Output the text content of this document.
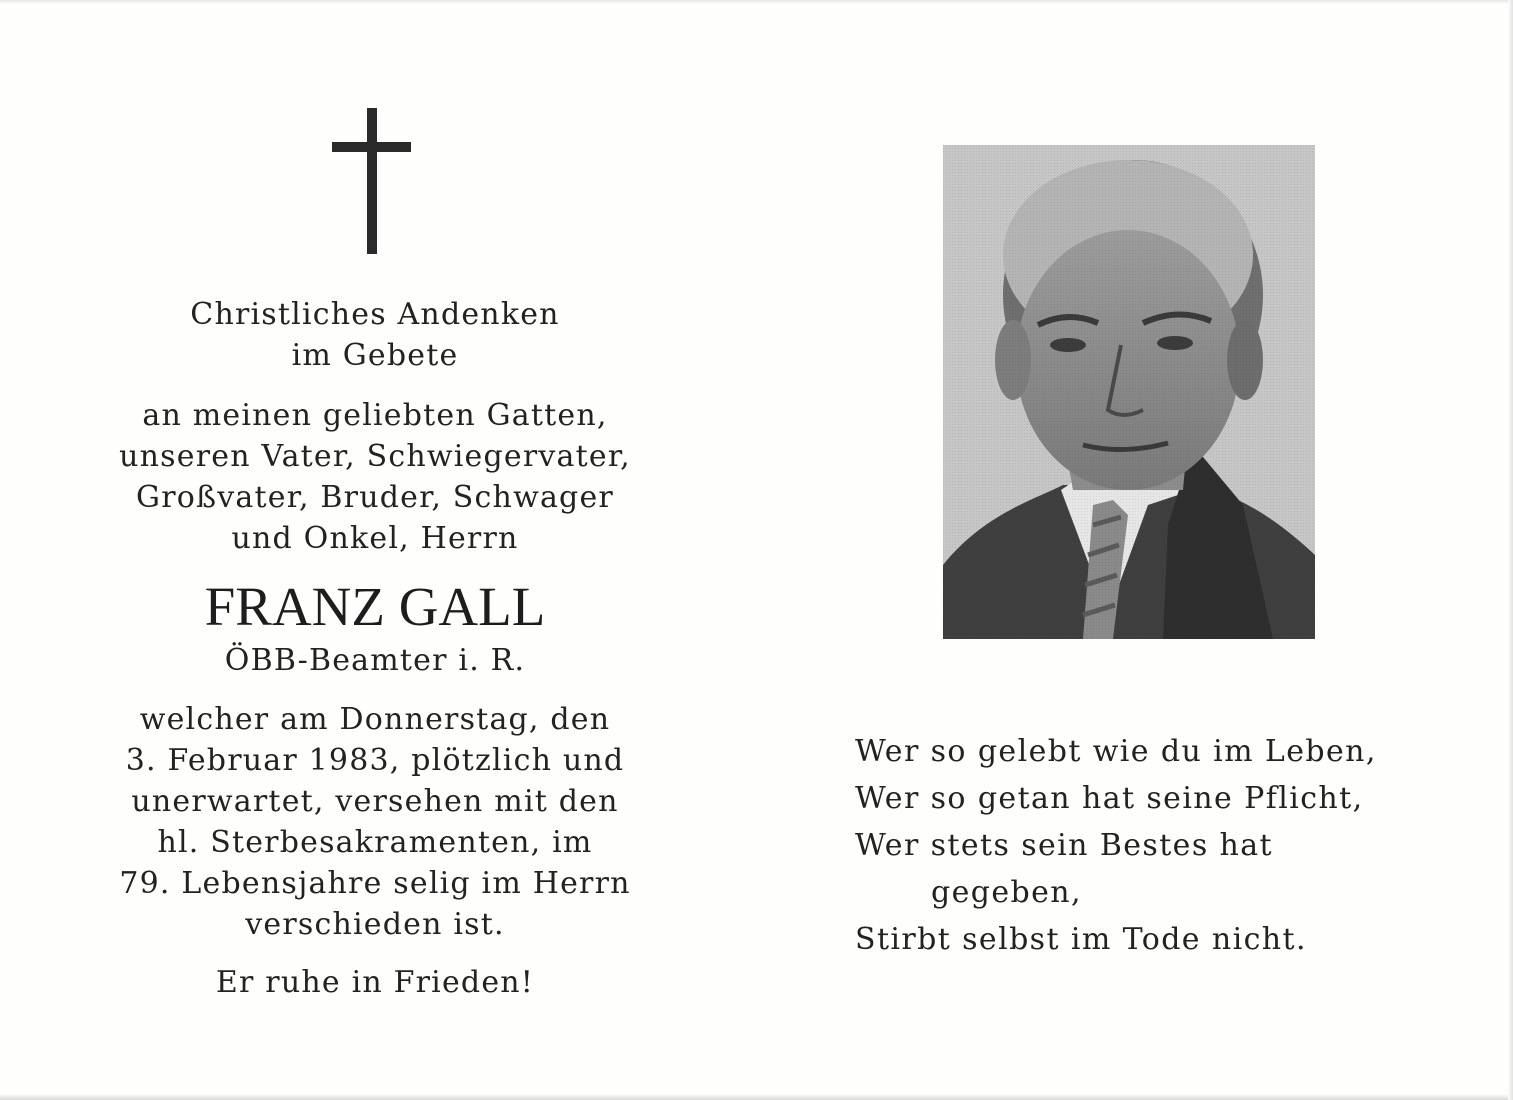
Christliches Andenken
im Gebete
an meinen geliebten Gatten,
unseren Vater, Schwiegervater,
Großvater, Bruder, Schwager
und Onkel, Herrn
FRANZ GALL
ÖBB-Beamter i. R.
welcher am Donnerstag, den
3. Februar 1983, plötzlich und
unerwartet, versehen mit den
hl. Sterbesakramenten, im
79. Lebensjahre selig im Herrn
verschieden ist.
Er ruhe in Frieden!
Wer so gelebt wie du im Leben,
Wer so getan hat seine Pflicht,
Wer stets sein Bestes hat
gegeben,
Stirbt selbst im Tode nicht.
